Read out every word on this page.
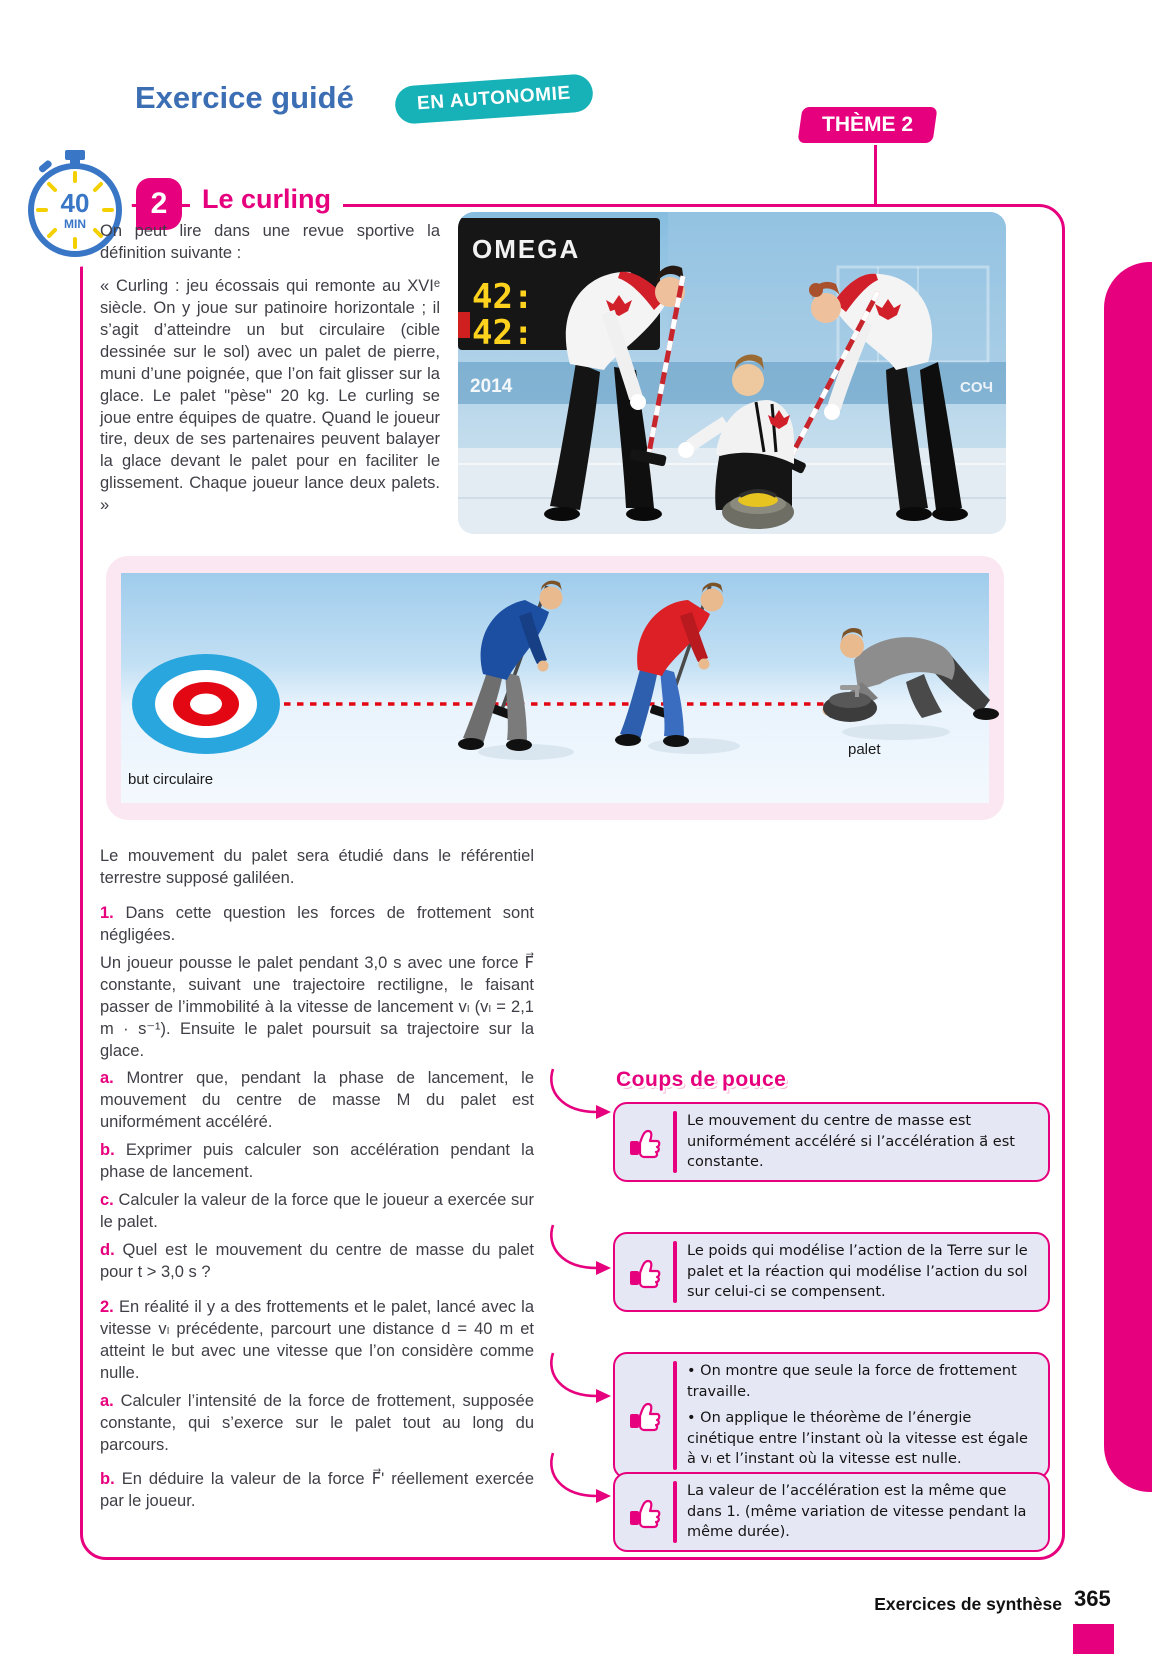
Exercice guidé	EN AUTONOMIE
THÈME 2
40
MIN
2	Le curling

On peut lire dans une revue sportive la définition suivante :

« Curling : jeu écossais qui remonte au XVIᵉ siècle. On y joue sur patinoire horizontale ; il s’agit d’atteindre un but circulaire (cible dessinée sur le sol) avec un palet de pierre, muni d’une poignée, que l’on fait glisser sur la glace. Le palet "pèse" 20 kg. Le curling se joue entre équipes de quatre. Quand le joueur tire, deux de ses partenaires peuvent balayer la glace devant le palet pour en faciliter le glissement. Chaque joueur lance deux palets. »

OMEGA
42:
42:
2014	COЧ
but circulaire
palet

Le mouvement du palet sera étudié dans le référentiel terrestre supposé galiléen.

1. Dans cette question les forces de frottement sont négligées.

Un joueur pousse le palet pendant 3,0 s avec une force F⃗ constante, suivant une trajectoire rectiligne, le faisant passer de l’immobilité à la vitesse de lancement vₗ (vₗ = 2,1 m · s⁻¹). Ensuite le palet poursuit sa trajectoire sur la glace.

a. Montrer que, pendant la phase de lancement, le mouvement du centre de masse M du palet est uniformément accéléré.

b. Exprimer puis calculer son accélération pendant la phase de lancement.

c. Calculer la valeur de la force que le joueur a exercée sur le palet.

d. Quel est le mouvement du centre de masse du palet pour t > 3,0 s ?

2. En réalité il y a des frottements et le palet, lancé avec la vitesse vₗ précédente, parcourt une distance d = 40 m et atteint le but avec une vitesse que l’on considère comme nulle.

a. Calculer l’intensité de la force de frottement, supposée constante, qui s’exerce sur le palet tout au long du parcours.

b. En déduire la valeur de la force F⃗' réellement exercée par le joueur.

Coups de pouce

Le mouvement du centre de masse est uniformément accéléré si l’accélération a⃗ est constante.

Le poids qui modélise l’action de la Terre sur le palet et la réaction qui modélise l’action du sol sur celui-ci se compensent.

• On montre que seule la force de frottement travaille.

• On applique le théorème de l’énergie cinétique entre l’instant où la vitesse est égale à vₗ et l’instant où la vitesse est nulle.

La valeur de l’accélération est la même que dans 1. (même variation de vitesse pendant la même durée).

Exercices de synthèse 365
